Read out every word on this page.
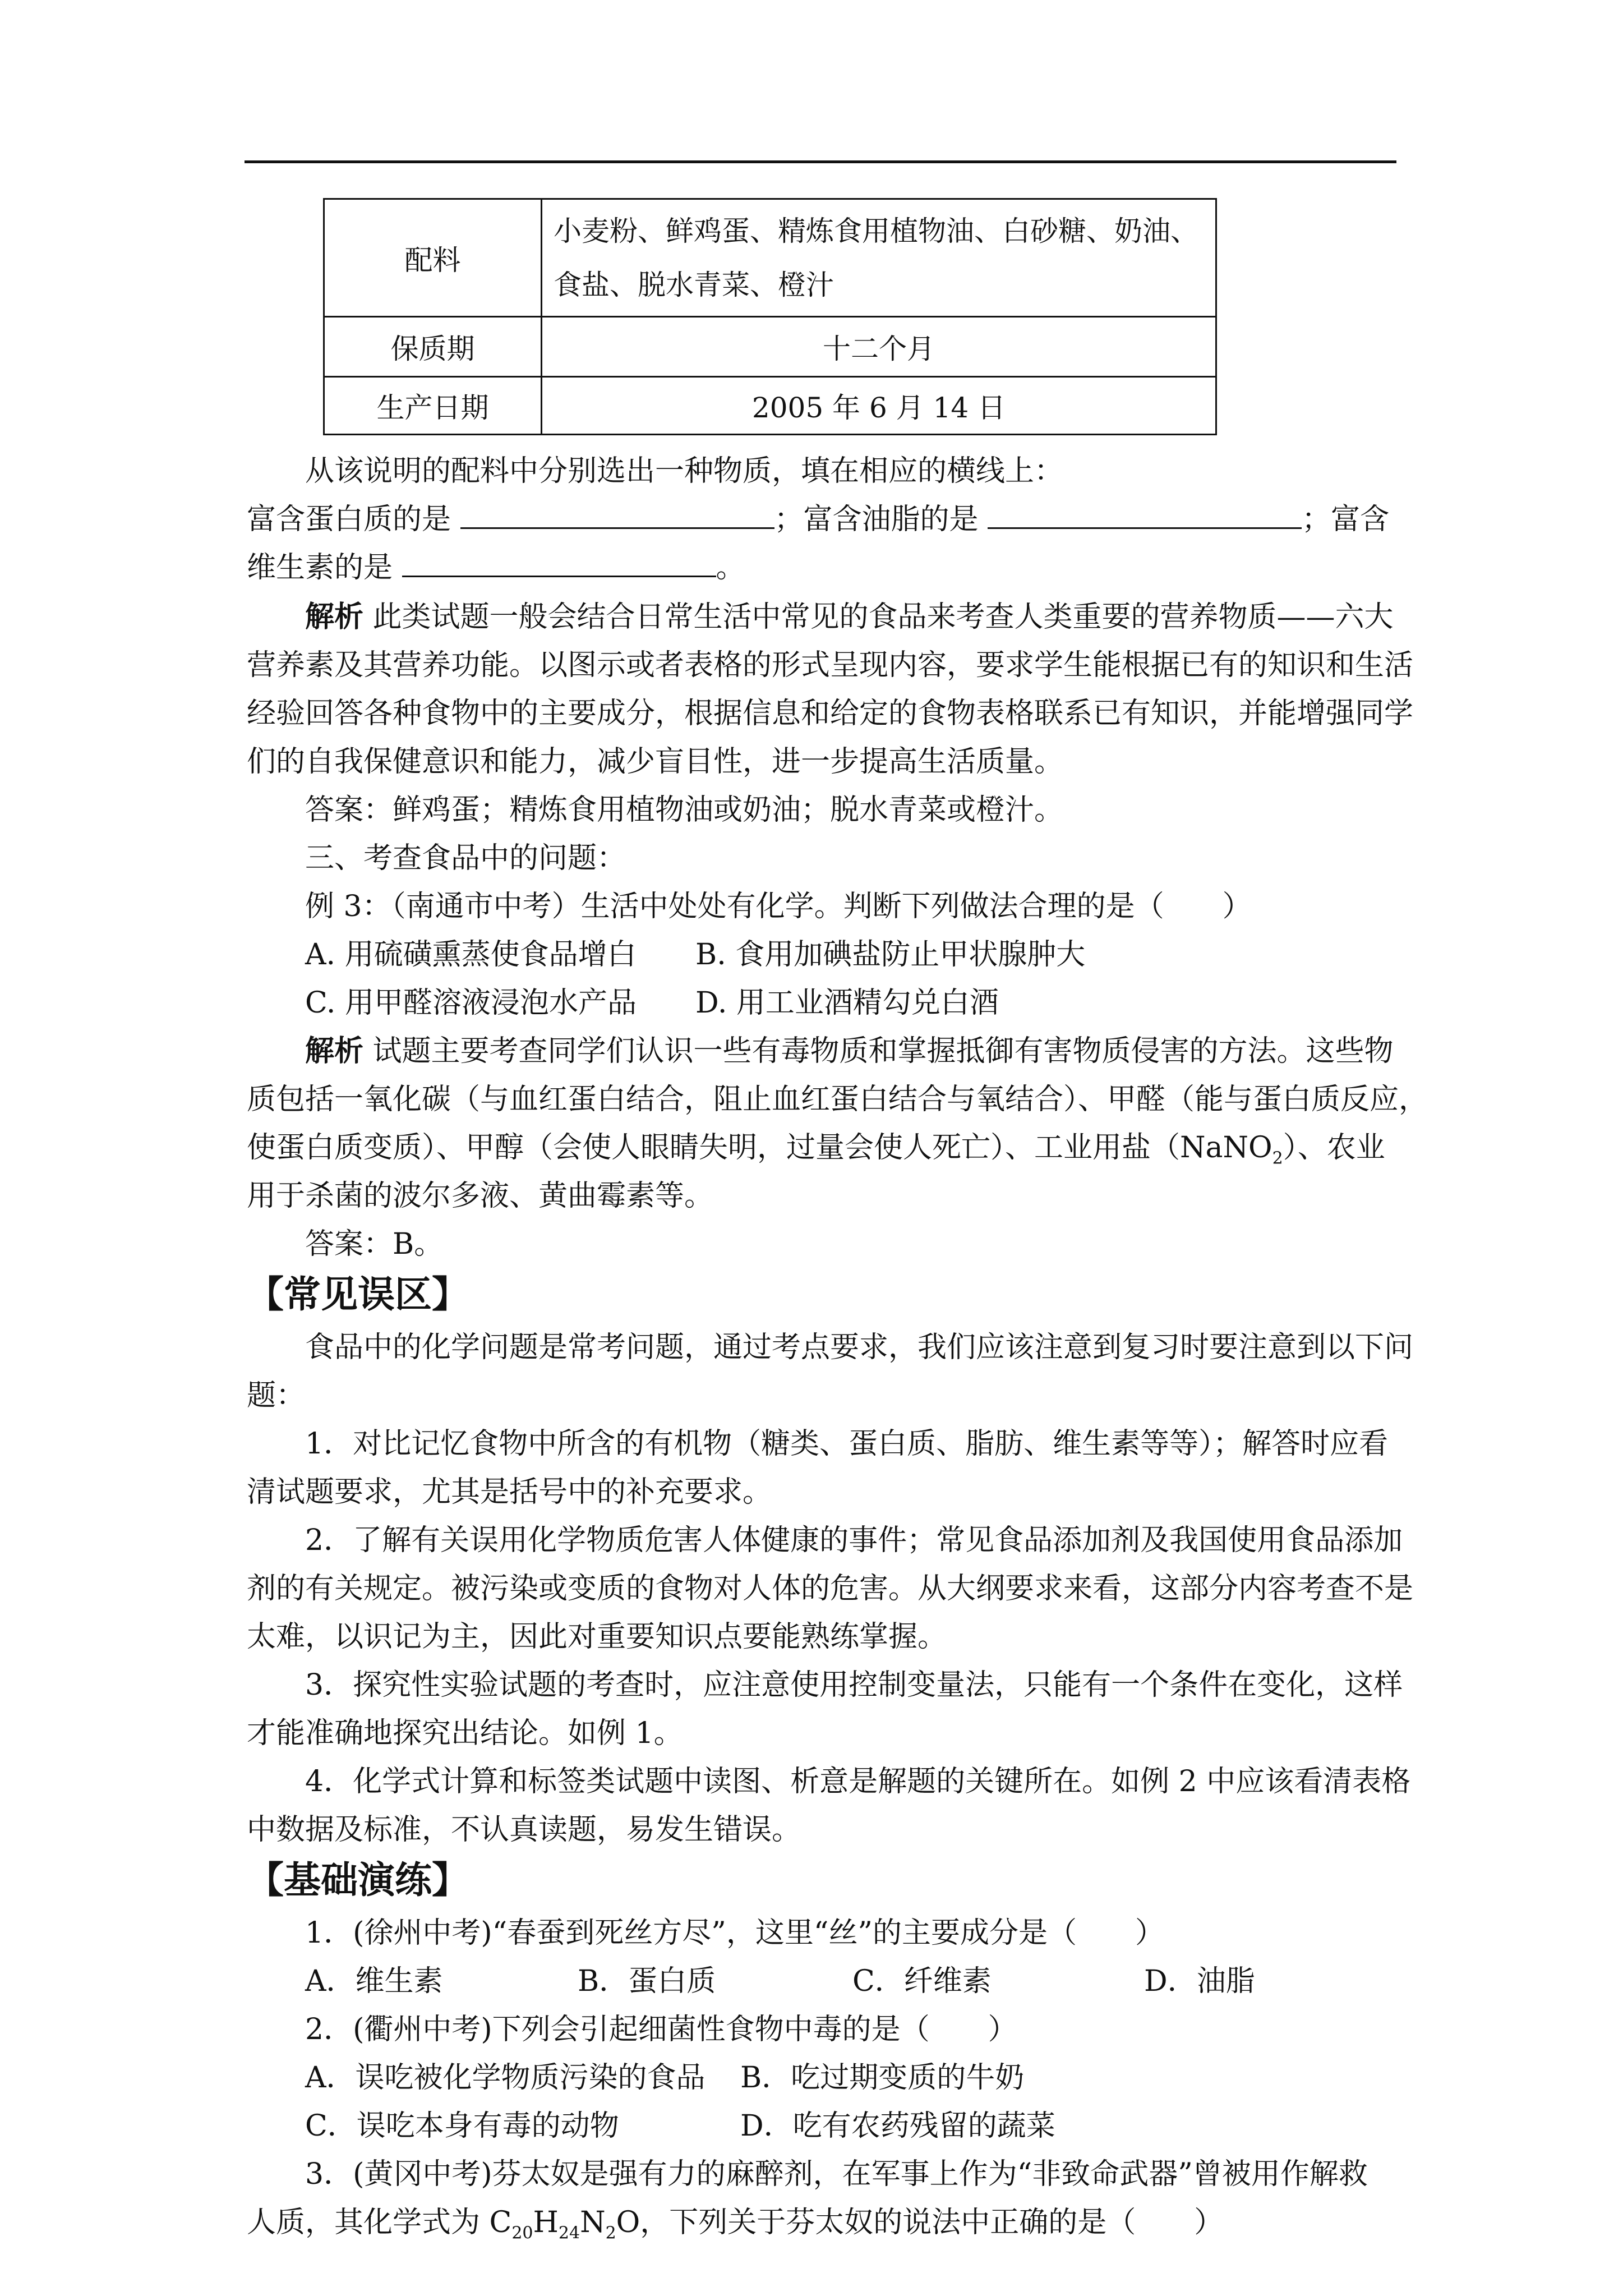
配料	小麦粉、鲜鸡蛋、精炼食用植物油、白砂糖、奶油、
食盐、脱水青菜、橙汁

保质期	十二个月
生产日期	2005 年 6 月 14 日
从该说明的配料中分别选出一种物质，填在相应的横线上：
富含蛋白质的是	；富含油脂的是	；富含
维生素的是	。
解析 此类试题一般会结合日常生活中常见的食品来考查人类重要的营养物质——六大
营养素及其营养功能。以图示或者表格的形式呈现内容，要求学生能根据已有的知识和生活
经验回答各种食物中的主要成分，根据信息和给定的食物表格联系已有知识，并能增强同学
们的自我保健意识和能力，减少盲目性，进一步提高生活质量。
答案：鲜鸡蛋；精炼食用植物油或奶油；脱水青菜或橙汁。
三、考查食品中的问题：
例 3：（南通市中考）生活中处处有化学。判断下列做法合理的是（　　）
A. 用硫磺熏蒸使食品增白 B. 食用加碘盐防止甲状腺肿大
C. 用甲醛溶液浸泡水产品 D. 用工业酒精勾兑白酒
解析 试题主要考查同学们认识一些有毒物质和掌握抵御有害物质侵害的方法。这些物
质包括一氧化碳（与血红蛋白结合，阻止血红蛋白结合与氧结合）、甲醛（能与蛋白质反应，
使蛋白质变质）、甲醇（会使人眼睛失明，过量会使人死亡）、工业用盐（NaNO$_2$）、农业
用于杀菌的波尔多液、黄曲霉素等。
答案：B。
【常见误区】
食品中的化学问题是常考问题，通过考点要求，我们应该注意到复习时要注意到以下问
题：
1．对比记忆食物中所含的有机物（糖类、蛋白质、脂肪、维生素等等）；解答时应看
清试题要求，尤其是括号中的补充要求。
2．了解有关误用化学物质危害人体健康的事件；常见食品添加剂及我国使用食品添加
剂的有关规定。被污染或变质的食物对人体的危害。从大纲要求来看，这部分内容考查不是
太难，以识记为主，因此对重要知识点要能熟练掌握。
3．探究性实验试题的考查时，应注意使用控制变量法，只能有一个条件在变化，这样
才能准确地探究出结论。如例 1。
4．化学式计算和标签类试题中读图、析意是解题的关键所在。如例 2 中应该看清表格
中数据及标准，不认真读题，易发生错误。
【基础演练】
1．(徐州中考)“春蚕到死丝方尽”，这里“丝”的主要成分是（　　）
A．维生素	B．蛋白质	C．纤维素	D．油脂
2．(衢州中考)下列会引起细菌性食物中毒的是（　　）
A．误吃被化学物质污染的食品 B．吃过期变质的牛奶
C．误吃本身有毒的动物	D．吃有农药残留的蔬菜
3．(黄冈中考)芬太奴是强有力的麻醉剂，在军事上作为“非致命武器”曾被用作解救
人质，其化学式为 $C_{20}H_{24}N_2O$，下列关于芬太奴的说法中正确的是（　　）
